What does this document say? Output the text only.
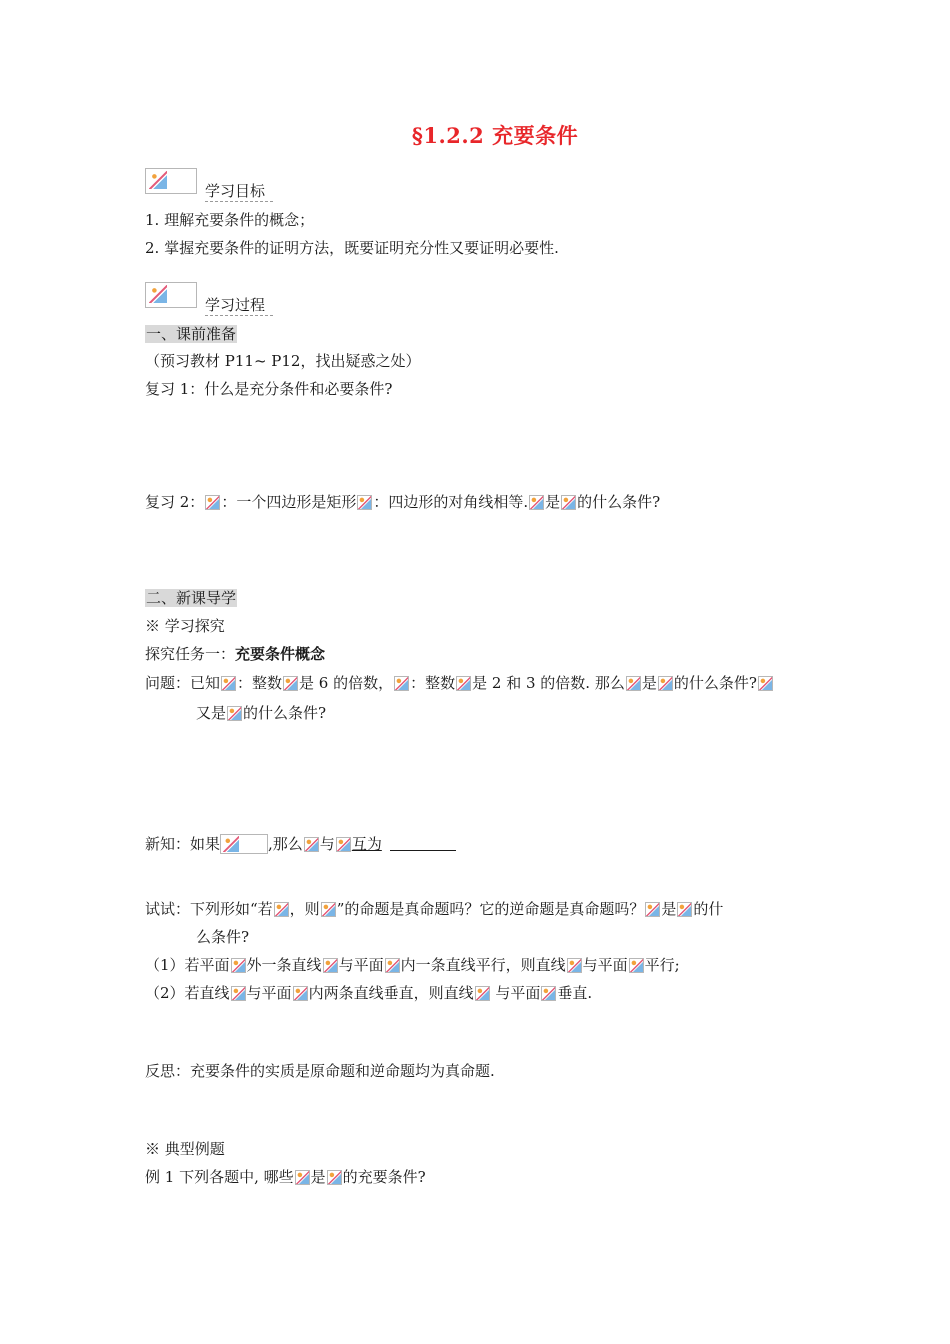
§1.2.2 充要条件
学习目标
1. 理解充要条件的概念；
2. 掌握充要条件的证明方法，既要证明充分性又要证明必要性.
学习过程
一、课前准备
（预习教材 P11~ P12，找出疑惑之处）
复习 1：什么是充分条件和必要条件?
复习 2： ：一个四边形是矩形 ：四边形的对角线相等. 是 的什么条件?
二、新课导学
※ 学习探究
探究任务一：充要条件概念
问题：已知 ：整数 是 6 的倍数， ：整数 是 2 和 3 的倍数. 那么 是 的什么条件?
又是 的什么条件?
新知：如果	,那么 与 互为
试试：下列形如“若 ，则 ”的命题是真命题吗？它的逆命题是真命题吗？ 是 的什
么条件?
（1）若平面 外一条直线 与平面 内一条直线平行，则直线 与平面 平行;
（2）若直线 与平面 内两条直线垂直，则直线 与平面 垂直.
反思：充要条件的实质是原命题和逆命题均为真命题.
※ 典型例题
例 1 下列各题中, 哪些 是 的充要条件?
